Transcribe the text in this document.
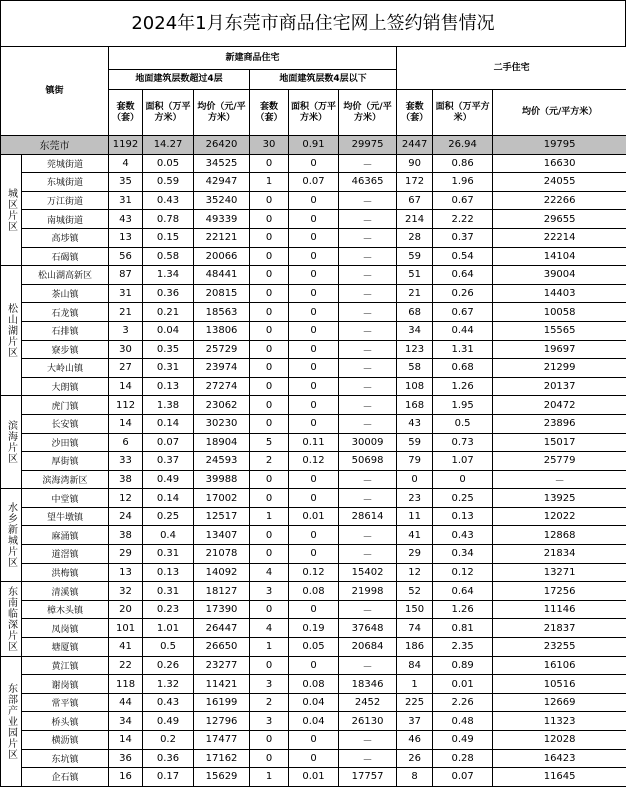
2024年1月东莞市商品住宅网上签约销售情况
镇街		新建商品住宅						二手住宅		
		地面建筑层数超过4层			地面建筑层数4层以下					
		套数（套）	面积（万平方米）	均价（元/平方米）	套数（套）	面积（万平方米）	均价（元/平方米）	套数（套）	面积（万平方米）	均价（元/平方米）
东莞市		1192	14.27	26420	30	0.91	29975	2447	26.94	19795
城区片区	莞城街道	4	0.05	34525	0	0	－	90	0.86	16630
	东城街道	35	0.59	42947	1	0.07	46365	172	1.96	24055
	万江街道	31	0.43	35240	0	0	－	67	0.67	22266
	南城街道	43	0.78	49339	0	0	－	214	2.22	29655
	高埗镇	13	0.15	22121	0	0	－	28	0.37	22214
	石碣镇	56	0.58	20066	0	0	－	59	0.54	14104
松山湖片区	松山湖高新区	87	1.34	48441	0	0	－	51	0.64	39004
	茶山镇	31	0.36	20815	0	0	－	21	0.26	14403
	石龙镇	21	0.21	18563	0	0	－	68	0.67	10058
	石排镇	3	0.04	13806	0	0	－	34	0.44	15565
	寮步镇	30	0.35	25729	0	0	－	123	1.31	19697
	大岭山镇	27	0.31	23974	0	0	－	58	0.68	21299
	大朗镇	14	0.13	27274	0	0	－	108	1.26	20137
滨海片区	虎门镇	112	1.38	23062	0	0	－	168	1.95	20472
	长安镇	14	0.14	30230	0	0	－	43	0.5	23896
	沙田镇	6	0.07	18904	5	0.11	30009	59	0.73	15017
	厚街镇	33	0.37	24593	2	0.12	50698	79	1.07	25779
	滨海湾新区	38	0.49	39988	0	0	－	0	0	－
水乡新城片区	中堂镇	12	0.14	17002	0	0	－	23	0.25	13925
	望牛墩镇	24	0.25	12517	1	0.01	28614	11	0.13	12022
	麻涌镇	38	0.4	13407	0	0	－	41	0.43	12868
	道滘镇	29	0.31	21078	0	0	－	29	0.34	21834
	洪梅镇	13	0.13	14092	4	0.12	15402	12	0.12	13271
东南临深片区	清溪镇	32	0.31	18127	3	0.08	21998	52	0.64	17256
	樟木头镇	20	0.23	17390	0	0	－	150	1.26	11146
	凤岗镇	101	1.01	26447	4	0.19	37648	74	0.81	21837
	塘厦镇	41	0.5	26650	1	0.05	20684	186	2.35	23255
东部产业园片区	黄江镇	22	0.26	23277	0	0	－	84	0.89	16106
	谢岗镇	118	1.32	11421	3	0.08	18346	1	0.01	10516
	常平镇	44	0.43	16199	2	0.04	2452	225	2.26	12669
	桥头镇	34	0.49	12796	3	0.04	26130	37	0.48	11323
	横沥镇	14	0.2	17477	0	0	－	46	0.49	12028
	东坑镇	36	0.36	17162	0	0	－	26	0.28	16423
	企石镇	16	0.17	15629	1	0.01	17757	8	0.07	11645
